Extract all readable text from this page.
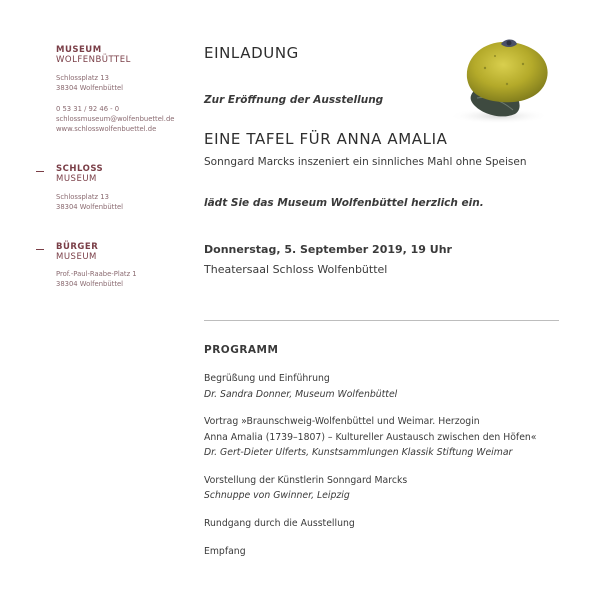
MUSEUM
WOLFENBÜTTEL
Schlossplatz 13
38304 Wolfenbüttel
0 53 31 / 92 46 - 0
schlossmuseum@wolfenbuettel.de
www.schlosswolfenbuettel.de
SCHLOSS
MUSEUM
Schlossplatz 13
38304 Wolfenbüttel
BÜRGER
MUSEUM
Prof.-Paul-Raabe-Platz 1
38304 Wolfenbüttel
EINLADUNG
Zur Eröffnung der Ausstellung
EINE TAFEL FÜR ANNA AMALIA
Sonngard Marcks inszeniert ein sinnliches Mahl ohne Speisen
lädt Sie das Museum Wolfenbüttel herzlich ein.
Donnerstag, 5. September 2019, 19 Uhr
Theatersaal Schloss Wolfenbüttel
PROGRAMM
Begrüßung und Einführung
Dr. Sandra Donner, Museum Wolfenbüttel
Vortrag »Braunschweig-Wolfenbüttel und Weimar. Herzogin
Anna Amalia (1739–1807) – Kultureller Austausch zwischen den Höfen«
Dr. Gert-Dieter Ulferts, Kunstsammlungen Klassik Stiftung Weimar
Vorstellung der Künstlerin Sonngard Marcks
Schnuppe von Gwinner, Leipzig
Rundgang durch die Ausstellung
Empfang
